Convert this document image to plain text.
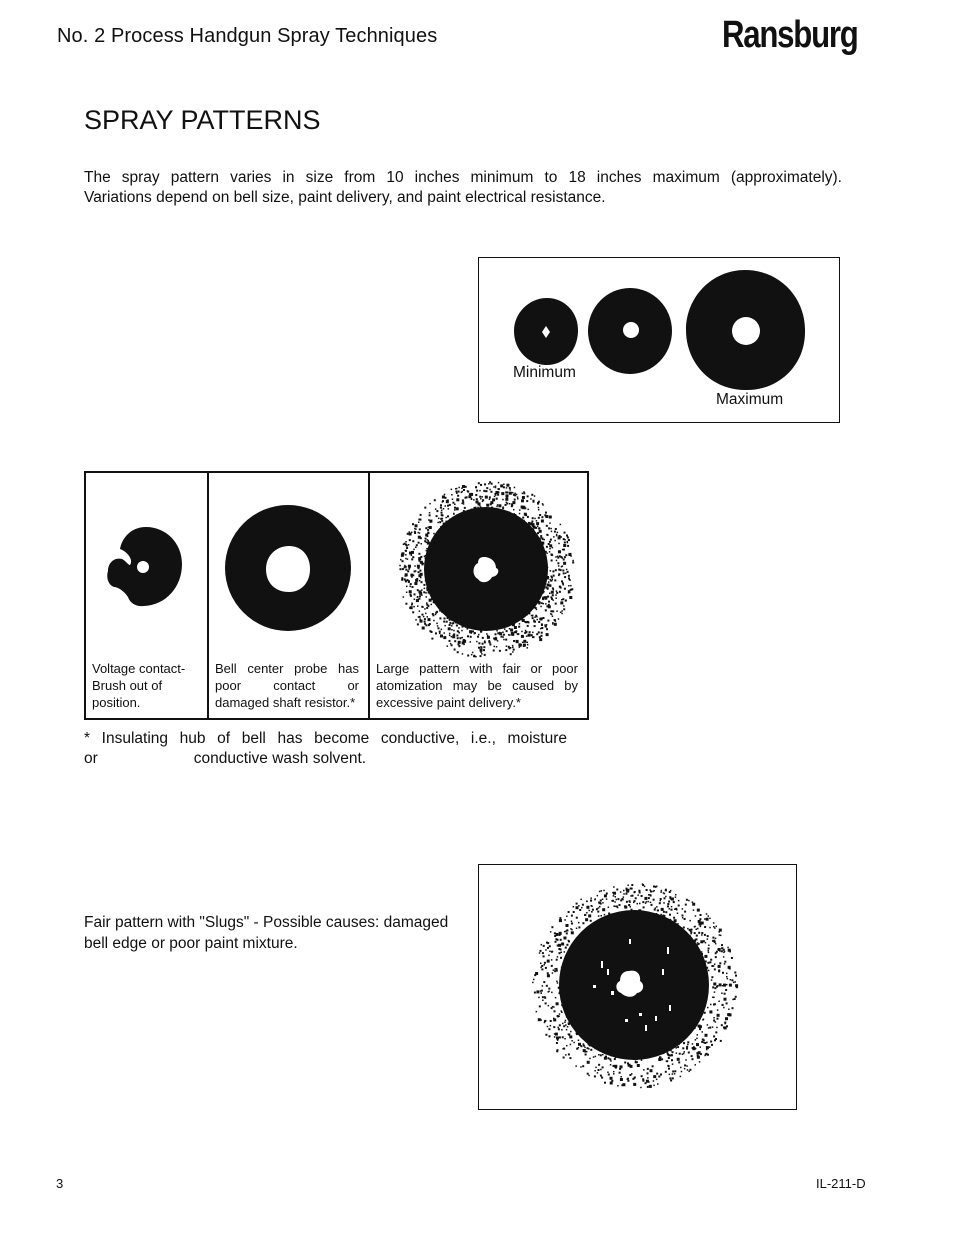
No. 2 Process Handgun Spray Techniques	Ransburg
SPRAY PATTERNS
The spray pattern varies in size from 10 inches minimum to 18 inches maximum (approximately).
Variations depend on bell size, paint delivery, and paint electrical resistance.
Minimum
Maximum
Voltage contact-Brush out of position.
Bell center probe has poor contact or damaged shaft resistor.*
Large pattern with fair or poor atomization may be caused by excessive paint delivery.*
* Insulating hub of bell has become conductive, i.e., moisture
or	conductive wash solvent.
Fair pattern with "Slugs" - Possible causes: damaged bell edge or poor paint mixture.
3	IL-211-D
